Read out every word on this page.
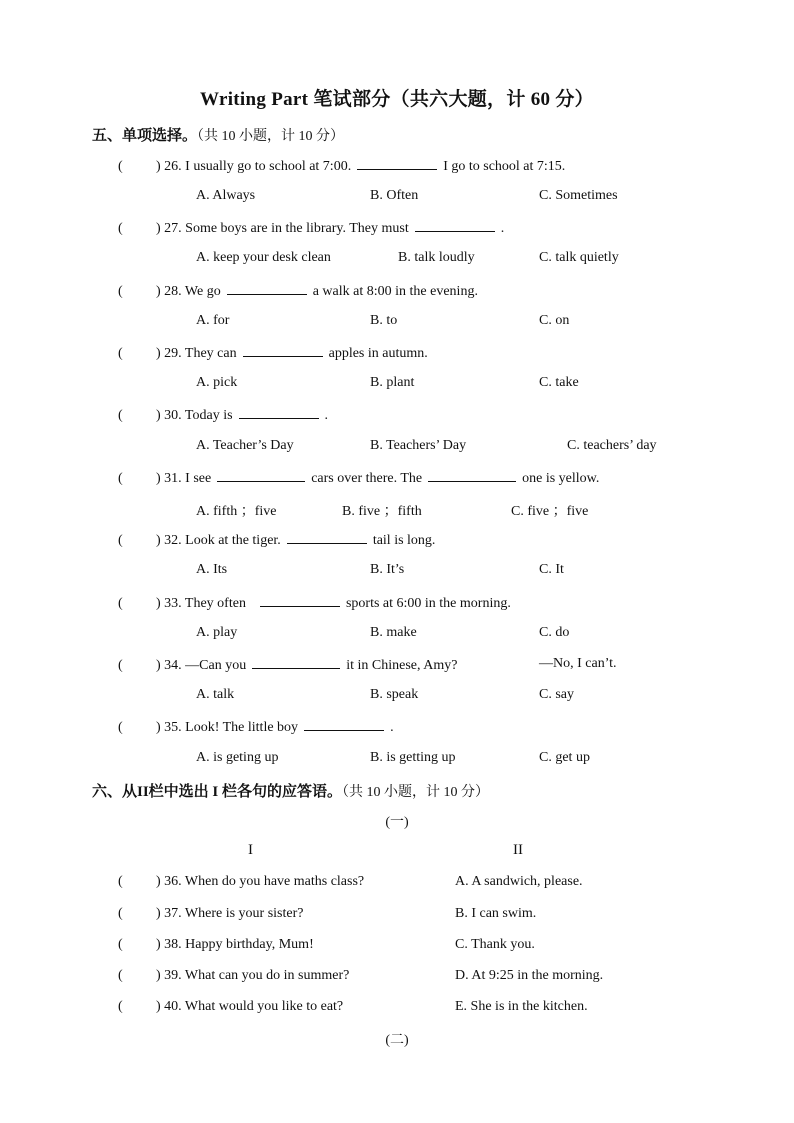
Writing Part 笔试部分（共六大题，计 60 分）
五、单项选择。（共 10 小题，计 10 分）
( ) 26. I usually go to school at 7:00.	I go to school at 7:15.
A. Always	B. Often	C. Sometimes
( ) 27. Some boys are in the library. They must	.
A. keep your desk clean	B. talk loudly	C. talk quietly
( ) 28. We go	a walk at 8:00 in the evening.
A. for	B. to	C. on
( ) 29. They can	apples in autumn.
A. pick	B. plant	C. take
( ) 30. Today is	.
A. Teacher’s Day	B. Teachers’ Day	C. teachers’ day
( ) 31. I see	cars over there. The	one is yellow.
A. fifth ；five	B. five ；fifth	C. five ；five
( ) 32. Look at the tiger.	tail is long.
A. Its	B. It’s	C. It
( ) 33. They often	sports at 6:00 in the morning.
A. play	B. make	C. do
( ) 34. —Can you	it in Chinese, Amy?	—No, I can’t.
A. talk	B. speak	C. say
( ) 35. Look! The little boy	.
A. is geting up	B. is getting up	C. get up
六、从II栏中选出 I 栏各句的应答语。（共 10 小题，计 10 分）
(一)
I	II
( ) 36. When do you have maths class?	A. A sandwich, please.
( ) 37. Where is your sister?	B. I can swim.
( ) 38. Happy birthday, Mum!	C. Thank you.
( ) 39. What can you do in summer?	D. At 9:25 in the morning.
( ) 40. What would you like to eat?	E. She is in the kitchen.
(二)
